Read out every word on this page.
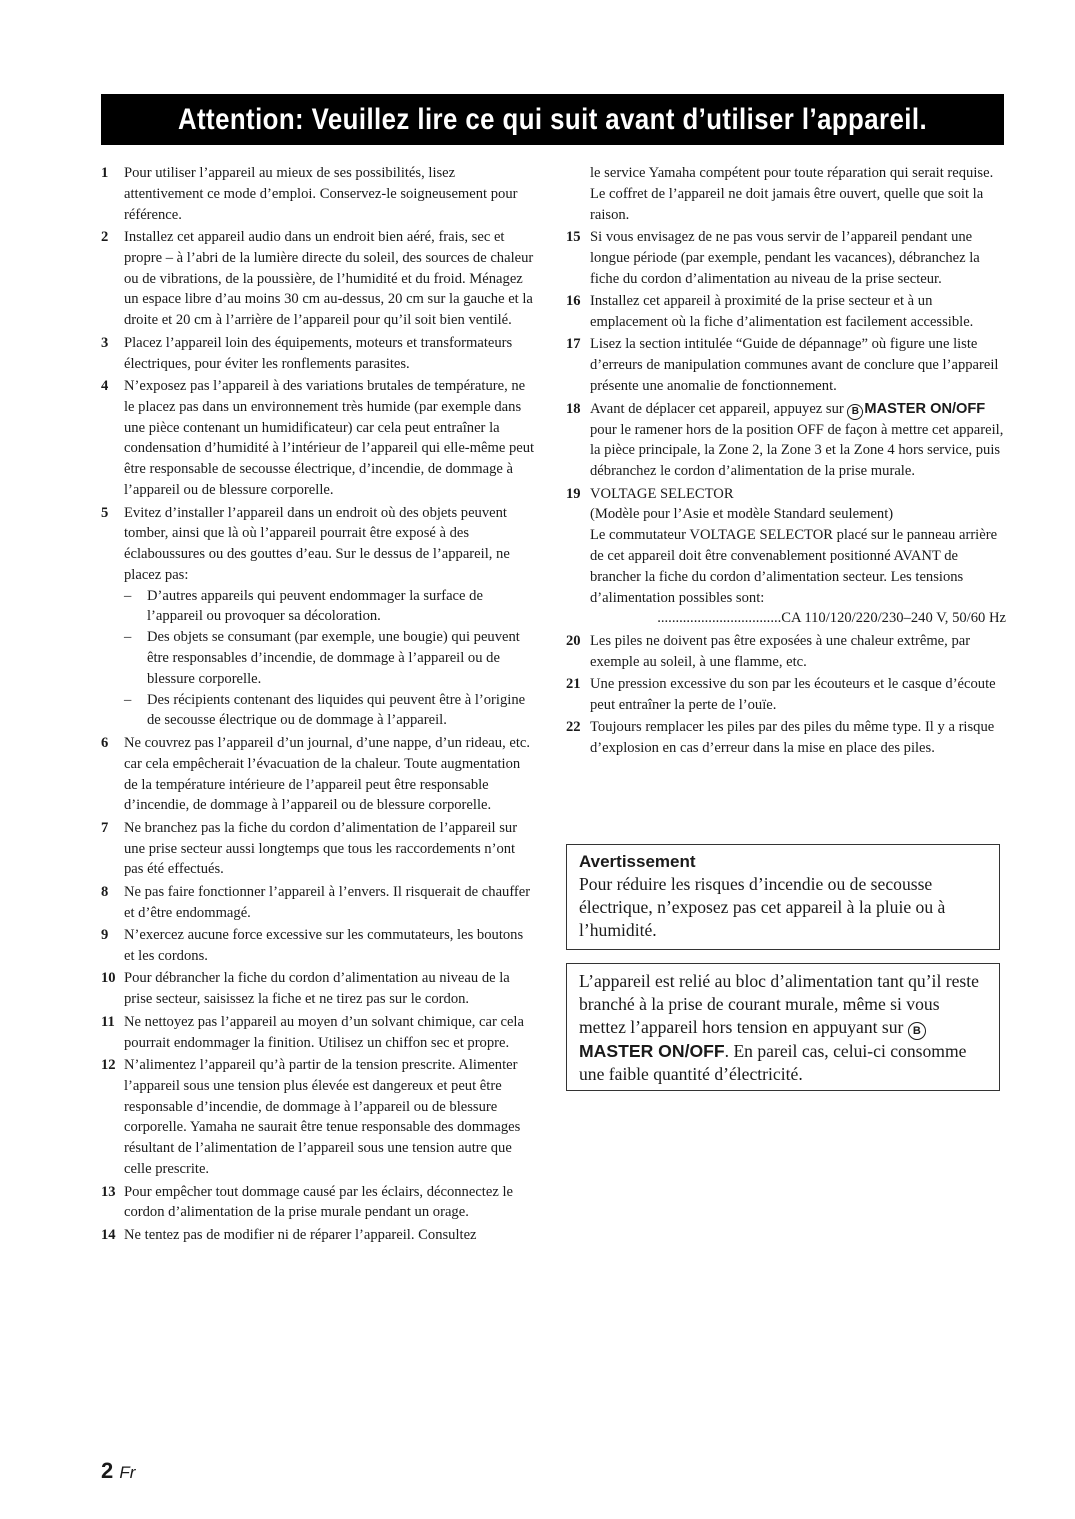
Attention: Veuillez lire ce qui suit avant d’utiliser l’appareil.
1 Pour utiliser l’appareil au mieux de ses possibilités, lisez attentivement ce mode d’emploi. Conservez-le soigneusement pour référence.
2 Installez cet appareil audio dans un endroit bien aéré, frais, sec et propre – à l’abri de la lumière directe du soleil, des sources de chaleur ou de vibrations, de la poussière, de l’humidité et du froid. Ménagez un espace libre d’au moins 30 cm au-dessus, 20 cm sur la gauche et la droite et 20 cm à l’arrière de l’appareil pour qu’il soit bien ventilé.
3 Placez l’appareil loin des équipements, moteurs et transformateurs électriques, pour éviter les ronflements parasites.
4 N’exposez pas l’appareil à des variations brutales de température, ne le placez pas dans un environnement très humide (par exemple dans une pièce contenant un humidificateur) car cela peut entraîner la condensation d’humidité à l’intérieur de l’appareil qui elle-même peut être responsable de secousse électrique, d’incendie, de dommage à l’appareil ou de blessure corporelle.
5 Evitez d’installer l’appareil dans un endroit où des objets peuvent tomber, ainsi que là où l’appareil pourrait être exposé à des éclaboussures ou des gouttes d’eau. Sur le dessus de l’appareil, ne placez pas:
– D’autres appareils qui peuvent endommager la surface de l’appareil ou provoquer sa décoloration.
– Des objets se consumant (par exemple, une bougie) qui peuvent être responsables d’incendie, de dommage à l’appareil ou de blessure corporelle.
– Des récipients contenant des liquides qui peuvent être à l’origine de secousse électrique ou de dommage à l’appareil.
6 Ne couvrez pas l’appareil d’un journal, d’une nappe, d’un rideau, etc. car cela empêcherait l’évacuation de la chaleur. Toute augmentation de la température intérieure de l’appareil peut être responsable d’incendie, de dommage à l’appareil ou de blessure corporelle.
7 Ne branchez pas la fiche du cordon d’alimentation de l’appareil sur une prise secteur aussi longtemps que tous les raccordements n’ont pas été effectués.
8 Ne pas faire fonctionner l’appareil à l’envers. Il risquerait de chauffer et d’être endommagé.
9 N’exercez aucune force excessive sur les commutateurs, les boutons et les cordons.
10 Pour débrancher la fiche du cordon d’alimentation au niveau de la prise secteur, saisissez la fiche et ne tirez pas sur le cordon.
11 Ne nettoyez pas l’appareil au moyen d’un solvant chimique, car cela pourrait endommager la finition. Utilisez un chiffon sec et propre.
12 N’alimentez l’appareil qu’à partir de la tension prescrite. Alimenter l’appareil sous une tension plus élevée est dangereux et peut être responsable d’incendie, de dommage à l’appareil ou de blessure corporelle. Yamaha ne saurait être tenue responsable des dommages résultant de l’alimentation de l’appareil sous une tension autre que celle prescrite.
13 Pour empêcher tout dommage causé par les éclairs, déconnectez le cordon d’alimentation de la prise murale pendant un orage.
14 Ne tentez pas de modifier ni de réparer l’appareil. Consultez
le service Yamaha compétent pour toute réparation qui serait requise. Le coffret de l’appareil ne doit jamais être ouvert, quelle que soit la raison.
15 Si vous envisagez de ne pas vous servir de l’appareil pendant une longue période (par exemple, pendant les vacances), débranchez la fiche du cordon d’alimentation au niveau de la prise secteur.
16 Installez cet appareil à proximité de la prise secteur et à un emplacement où la fiche d’alimentation est facilement accessible.
17 Lisez la section intitulée “Guide de dépannage” où figure une liste d’erreurs de manipulation communes avant de conclure que l’appareil présente une anomalie de fonctionnement.
18 Avant de déplacer cet appareil, appuyez sur B MASTER ON/OFF pour le ramener hors de la position OFF de façon à mettre cet appareil, la pièce principale, la Zone 2, la Zone 3 et la Zone 4 hors service, puis débranchez le cordon d’alimentation de la prise murale.
19 VOLTAGE SELECTOR
(Modèle pour l’Asie et modèle Standard seulement)
Le commutateur VOLTAGE SELECTOR placé sur le panneau arrière de cet appareil doit être convenablement positionné AVANT de brancher la fiche du cordon d’alimentation secteur. Les tensions d’alimentation possibles sont:
..................................CA 110/120/220/230–240 V, 50/60 Hz
20 Les piles ne doivent pas être exposées à une chaleur extrême, par exemple au soleil, à une flamme, etc.
21 Une pression excessive du son par les écouteurs et le casque d’écoute peut entraîner la perte de l’ouïe.
22 Toujours remplacer les piles par des piles du même type. Il y a risque d’explosion en cas d’erreur dans la mise en place des piles.
Avertissement
Pour réduire les risques d’incendie ou de secousse électrique, n’exposez pas cet appareil à la pluie ou à l’humidité.
L’appareil est relié au bloc d’alimentation tant qu’il reste branché à la prise de courant murale, même si vous mettez l’appareil hors tension en appuyant sur BMASTER ON/OFF. En pareil cas, celui-ci consomme une faible quantité d’électricité.
2 Fr
